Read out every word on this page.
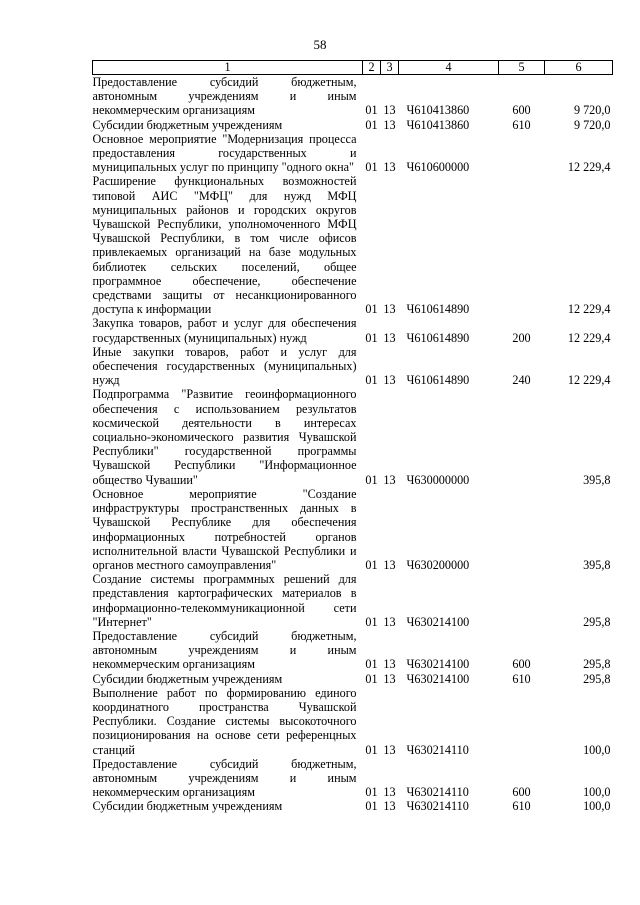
58
1	2	3	4	5	6
Предоставление субсидий бюджетным, автономным учреждениям и иным некоммерческим организациям	01	13	Ч610413860	600	9 720,0
Субсидии бюджетным учреждениям	01	13	Ч610413860	610	9 720,0
Основное мероприятие "Модернизация процесса предоставления государственных и муниципальных услуг по принципу "одного окна"	01	13	Ч610600000		12 229,4
Расширение функциональных возможностей типовой АИС "МФЦ" для нужд МФЦ муниципальных районов и городских округов Чувашской Республики, уполномоченного МФЦ Чувашской Республики, в том числе офисов привлекаемых организаций на базе модульных библиотек сельских поселений, общее программное обеспечение, обеспечение средствами защиты от несанкционированного доступа к информации	01	13	Ч610614890		12 229,4
Закупка товаров, работ и услуг для обеспечения государственных (муниципальных) нужд	01	13	Ч610614890	200	12 229,4
Иные закупки товаров, работ и услуг для обеспечения государственных (муниципальных) нужд	01	13	Ч610614890	240	12 229,4
Подпрограмма "Развитие геоинформационного обеспечения с использованием результатов космической деятельности в интересах социально-экономического развития Чувашской Республики" государственной программы Чувашской Республики "Информационное общество Чувашии"	01	13	Ч630000000		395,8
Основное мероприятие "Создание инфраструктуры пространственных данных в Чувашской Республике для обеспечения информационных потребностей органов исполнительной власти Чувашской Республики и органов местного самоуправления"	01	13	Ч630200000		395,8
Создание системы программных решений для представления картографических материалов в информационно-телекоммуникационной сети "Интернет"	01	13	Ч630214100		295,8
Предоставление субсидий бюджетным, автономным учреждениям и иным некоммерческим организациям	01	13	Ч630214100	600	295,8
Субсидии бюджетным учреждениям	01	13	Ч630214100	610	295,8
Выполнение работ по формированию единого координатного пространства Чувашской Республики. Создание системы высокоточного позиционирования на основе сети референцных станций	01	13	Ч630214110		100,0
Предоставление субсидий бюджетным, автономным учреждениям и иным некоммерческим организациям	01	13	Ч630214110	600	100,0
Субсидии бюджетным учреждениям	01	13	Ч630214110	610	100,0
